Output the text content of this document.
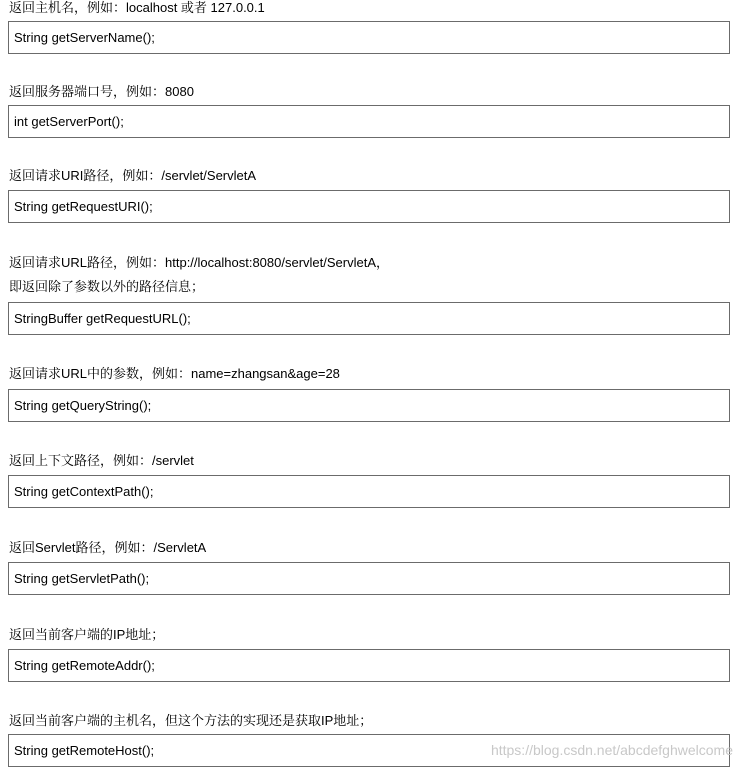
返回主机名，例如：localhost 或者 127.0.0.1
String getServerName();
返回服务器端口号，例如：8080
int getServerPort();
返回请求URI路径，例如：/servlet/ServletA
String getRequestURI();
返回请求URL路径，例如：http://localhost:8080/servlet/ServletA，
即返回除了参数以外的路径信息；
StringBuffer getRequestURL();
返回请求URL中的参数，例如：name=zhangsan&age=28
String getQueryString();
返回上下文路径，例如：/servlet
String getContextPath();
返回Servlet路径，例如：/ServletA
String getServletPath();
返回当前客户端的IP地址；
String getRemoteAddr();
返回当前客户端的主机名，但这个方法的实现还是获取IP地址；
String getRemoteHost();	https://blog.csdn.net/abcdefghwelcome
